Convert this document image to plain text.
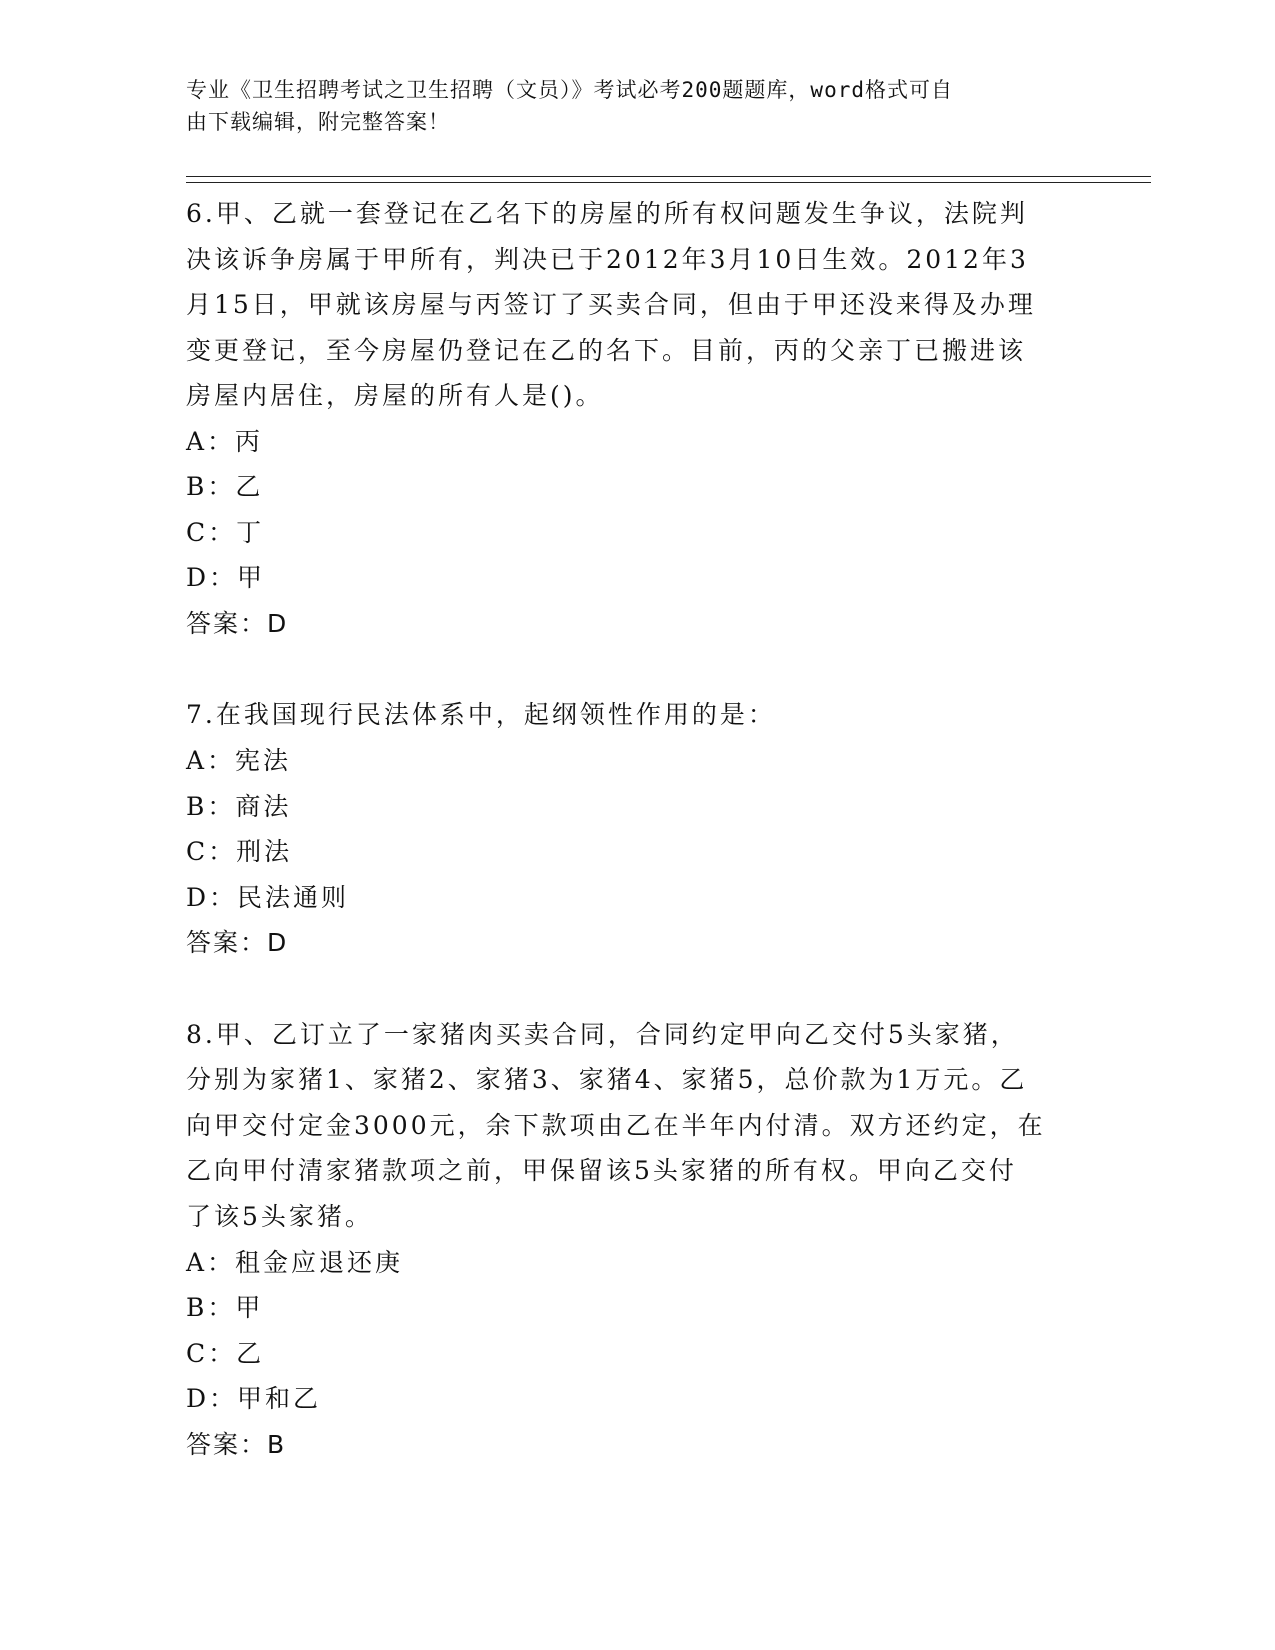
专业《卫生招聘考试之卫生招聘（文员）》考试必考200题题库，word格式可自
由下载编辑，附完整答案！
6.甲、乙就一套登记在乙名下的房屋的所有权问题发生争议，法院判
决该诉争房属于甲所有，判决已于2012年3月10日生效。2012年3
月15日，甲就该房屋与丙签订了买卖合同，但由于甲还没来得及办理
变更登记，至今房屋仍登记在乙的名下。目前，丙的父亲丁已搬进该
房屋内居住，房屋的所有人是()。
A：丙
B：乙
C：丁
D：甲
答案：D
7.在我国现行民法体系中，起纲领性作用的是：
A：宪法
B：商法
C：刑法
D：民法通则
答案：D
8.甲、乙订立了一家猪肉买卖合同，合同约定甲向乙交付5头家猪，
分别为家猪1、家猪2、家猪3、家猪4、家猪5，总价款为1万元。乙
向甲交付定金3000元，余下款项由乙在半年内付清。双方还约定，在
乙向甲付清家猪款项之前，甲保留该5头家猪的所有权。甲向乙交付
了该5头家猪。
A：租金应退还庚
B：甲
C：乙
D：甲和乙
答案：B
